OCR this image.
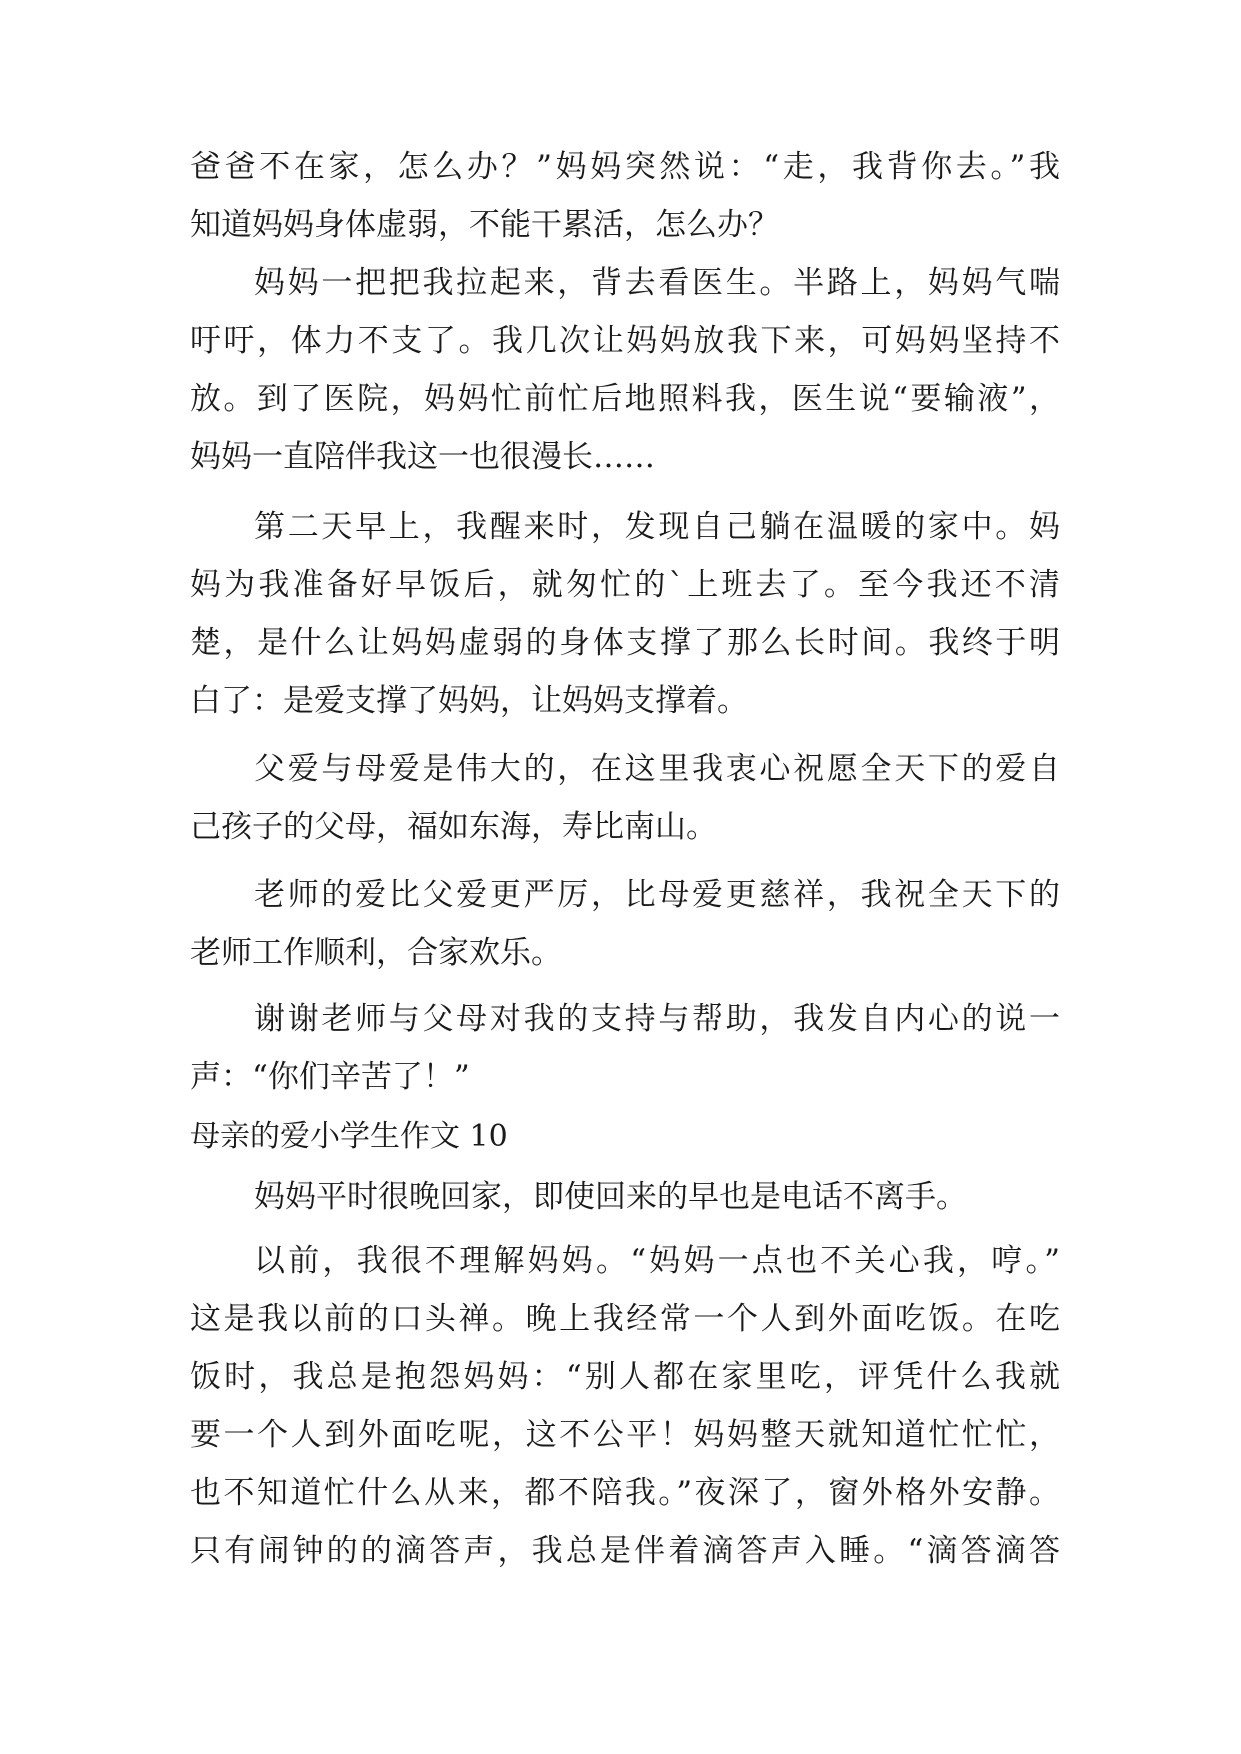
爸爸不在家，怎么办？”妈妈突然说：“走，我背你去。”我
知道妈妈身体虚弱，不能干累活，怎么办？
妈妈一把把我拉起来，背去看医生。半路上，妈妈气喘
吁吁，体力不支了。我几次让妈妈放我下来，可妈妈坚持不
放。到了医院，妈妈忙前忙后地照料我，医生说“要输液”，
妈妈一直陪伴我这一也很漫长……
第二天早上，我醒来时，发现自己躺在温暖的家中。妈
妈为我准备好早饭后，就匆忙的`上班去了。至今我还不清
楚，是什么让妈妈虚弱的身体支撑了那么长时间。我终于明
白了：是爱支撑了妈妈，让妈妈支撑着。
父爱与母爱是伟大的，在这里我衷心祝愿全天下的爱自
己孩子的父母，福如东海，寿比南山。
老师的爱比父爱更严厉，比母爱更慈祥，我祝全天下的
老师工作顺利，合家欢乐。
谢谢老师与父母对我的支持与帮助，我发自内心的说一
声：“你们辛苦了！”
母亲的爱小学生作文 10
妈妈平时很晚回家，即使回来的早也是电话不离手。
以前，我很不理解妈妈。“妈妈一点也不关心我，哼。”
这是我以前的口头禅。晚上我经常一个人到外面吃饭。在吃
饭时，我总是抱怨妈妈：“别人都在家里吃，评凭什么我就
要一个人到外面吃呢，这不公平！妈妈整天就知道忙忙忙，
也不知道忙什么从来，都不陪我。”夜深了，窗外格外安静。
只有闹钟的的滴答声，我总是伴着滴答声入睡。“滴答滴答
